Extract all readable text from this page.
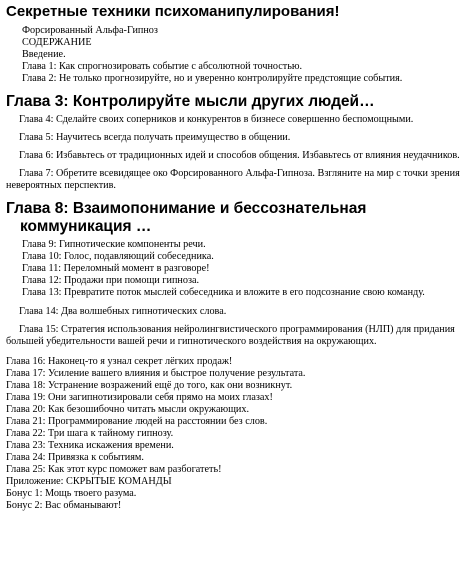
Секретные техники психоманипулирования!
Форсированный Альфа-Гипноз
СОДЕРЖАНИЕ
Введение.
Глава 1: Как спрогнозировать событие с абсолютной точностью.
Глава 2: Не только прогнозируйте, но и уверенно контролируйте предстоящие события.
Глава 3: Контролируйте мысли других людей…
Глава 4: Сделайте своих соперников и конкурентов в бизнесе совершенно беспомощными.
Глава 5: Научитесь всегда получать преимущество в общении.
Глава 6: Избавьтесь от традиционных идей и способов общения. Избавьтесь от влияния неудачников.
Глава 7: Обретите всевидящее око Форсированного Альфа-Гипноза. Взгляните на мир с точки зрения невероятных перспектив.
Глава 8: Взаимопонимание и бессознательная коммуникация …
Глава 9: Гипнотические компоненты речи.
Глава 10: Голос, подавляющий собеседника.
Глава 11: Переломный момент в разговоре!
Глава 12: Продажи при помощи гипноза.
Глава 13: Превратите поток мыслей собеседника и вложите в его подсознание свою команду.
Глава 14: Два волшебных гипнотических слова.
Глава 15: Стратегия использования нейролингвистического программирования (НЛП) для придания большей убедительности вашей речи и гипнотического воздействия на окружающих.
Глава 16: Наконец-то я узнал секрет лёгких продаж!
Глава 17: Усиление вашего влияния и быстрое получение результата.
Глава 18: Устранение возражений ещё до того, как они возникнут.
Глава 19: Они загипнотизировали себя прямо на моих глазах!
Глава 20: Как безошибочно читать мысли окружающих.
Глава 21: Программирование людей на расстоянии без слов.
Глава 22: Три шага к тайному гипнозу.
Глава 23: Техника искажения времени.
Глава 24: Привязка к событиям.
Глава 25: Как этот курс поможет вам разбогатеть!
Приложение: СКРЫТЫЕ КОМАНДЫ
Бонус 1: Мощь твоего разума.
Бонус 2: Вас обманывают!
